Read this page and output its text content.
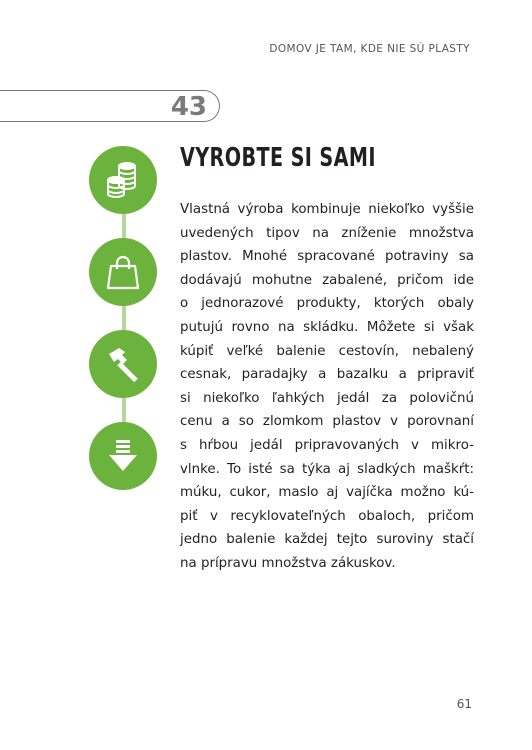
DOMOV JE TAM, KDE NIE SÚ PLASTY
43
VYROBTE SI SAMI
Vlastná výroba kombinuje niekoľko vyššie
uvedených tipov na zníženie množstva
plastov. Mnohé spracované potraviny sa
dodávajú mohutne zabalené, pričom ide
o jednorazové produkty, ktorých obaly
putujú rovno na skládku. Môžete si však
kúpiť veľké balenie cestovín, nebalený
cesnak, paradajky a bazalku a pripraviť
si niekoľko ľahkých jedál za polovičnú
cenu a so zlomkom plastov v porovnaní
s hŕbou jedál pripravovaných v mikro-
vlnke. To isté sa týka aj sladkých maškŕt:
múku, cukor, maslo aj vajíčka možno kú-
piť v recyklovateľných obaloch, pričom
jedno balenie každej tejto suroviny stačí
na prípravu množstva zákuskov.
61
